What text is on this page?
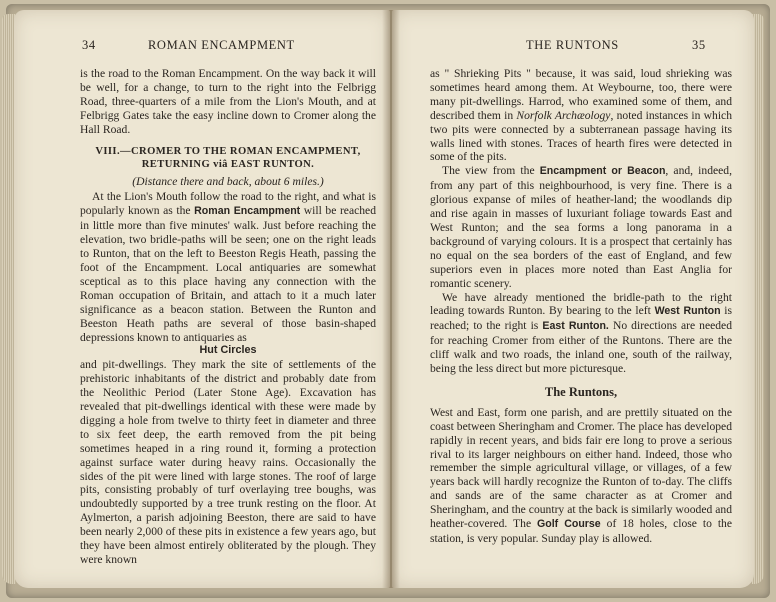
34	ROMAN ENCAMPMENT

is the road to the Roman Encampment. On the way back it will be well, for a change, to turn to the right into the Felbrigg Road, three-quarters of a mile from the Lion's Mouth, and at Felbrigg Gates take the easy incline down to Cromer along the Hall Road.

VIII.—CROMER TO THE ROMAN ENCAMPMENT,
RETURNING viâ EAST RUNTON.
(Distance there and back, about 6 miles.)

At the Lion's Mouth follow the road to the right, and what is popularly known as the Roman Encampment will be reached in little more than five minutes' walk. Just before reaching the elevation, two bridle-paths will be seen; one on the right leads to Runton, that on the left to Beeston Regis Heath, passing the foot of the Encampment. Local antiquaries are somewhat sceptical as to this place having any connection with the Roman occupation of Britain, and attach to it a much later significance as a beacon station. Between the Runton and Beeston Heath paths are several of those basin-shaped depressions known to antiquaries as

Hut Circles

and pit-dwellings. They mark the site of settlements of the prehistoric inhabitants of the district and probably date from the Neolithic Period (Later Stone Age). Excavation has revealed that pit-dwellings identical with these were made by digging a hole from twelve to thirty feet in diameter and three to six feet deep, the earth removed from the pit being sometimes heaped in a ring round it, forming a protection against surface water during heavy rains. Occasionally the sides of the pit were lined with large stones. The roof of large pits, consisting probably of turf overlaying tree boughs, was undoubtedly supported by a tree trunk resting on the floor. At Aylmerton, a parish adjoining Beeston, there are said to have been nearly 2,000 of these pits in existence a few years ago, but they have been almost entirely obliterated by the plough. They were known

THE RUNTONS	35

as " Shrieking Pits " because, it was said, loud shrieking was sometimes heard among them. At Weybourne, too, there were many pit-dwellings. Harrod, who examined some of them, and described them in Norfolk Archæology, noted instances in which two pits were connected by a subterranean passage having its walls lined with stones. Traces of hearth fires were detected in some of the pits.

The view from the Encampment or Beacon, and, indeed, from any part of this neighbourhood, is very fine. There is a glorious expanse of miles of heather-land; the woodlands dip and rise again in masses of luxuriant foliage towards East and West Runton; and the sea forms a long panorama in a background of varying colours. It is a prospect that certainly has no equal on the sea borders of the east of England, and few superiors even in places more noted than East Anglia for romantic scenery.

We have already mentioned the bridle-path to the right leading towards Runton. By bearing to the left West Runton is reached; to the right is East Runton. No directions are needed for reaching Cromer from either of the Runtons. There are the cliff walk and two roads, the inland one, south of the railway, being the less direct but more picturesque.

The Runtons,

West and East, form one parish, and are prettily situated on the coast between Sheringham and Cromer. The place has developed rapidly in recent years, and bids fair ere long to prove a serious rival to its larger neighbours on either hand. Indeed, those who remember the simple agricultural village, or villages, of a few years back will hardly recognize the Runton of to-day. The cliffs and sands are of the same character as at Cromer and Sheringham, and the country at the back is similarly wooded and heather-covered. The Golf Course of 18 holes, close to the station, is very popular. Sunday play is allowed.
